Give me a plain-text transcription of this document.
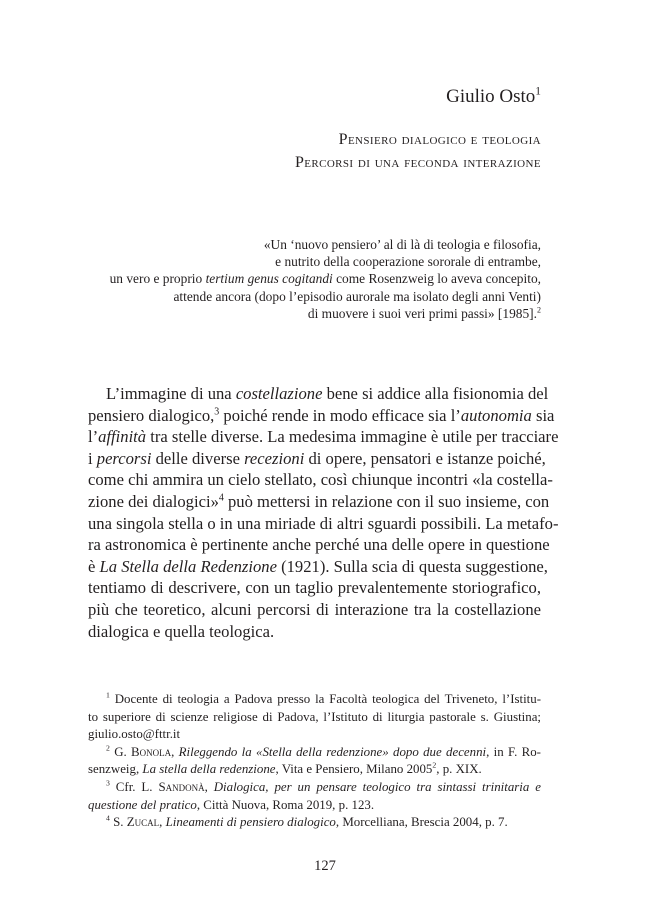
Giulio Osto$^1$
Pensiero dialogico e teologia
Percorsi di una feconda interazione
«Un ‘nuovo pensiero’ al di là di teologia e filosofia,
e nutrito della cooperazione sororale di entrambe,
un vero e proprio tertium genus cogitandi come Rosenzweig lo aveva concepito,
attende ancora (dopo l’episodio aurorale ma isolato degli anni Venti)
di muovere i suoi veri primi passi» [1985].$^2$
L’immagine di una costellazione bene si addice alla fisionomia del
pensiero dialogico,$^3$ poiché rende in modo efficace sia l’autonomia sia
l’affinità tra stelle diverse. La medesima immagine è utile per tracciare
i percorsi delle diverse recezioni di opere, pensatori e istanze poiché,
come chi ammira un cielo stellato, così chiunque incontri «la costella-
zione dei dialogici»$^4$ può mettersi in relazione con il suo insieme, con
una singola stella o in una miriade di altri sguardi possibili. La metafo-
ra astronomica è pertinente anche perché una delle opere in questione
è La Stella della Redenzione (1921). Sulla scia di questa suggestione,
tentiamo di descrivere, con un taglio prevalentemente storiografico,
più che teoretico, alcuni percorsi di interazione tra la costellazione
dialogica e quella teologica.
$^1$ Docente di teologia a Padova presso la Facoltà teologica del Triveneto, l’Istitu-
to superiore di scienze religiose di Padova, l’Istituto di liturgia pastorale s. Giustina;
giulio.osto@fttr.it
$^2$ G. Bonola, Rileggendo la «Stella della redenzione» dopo due decenni, in F. Ro-
senzweig, La stella della redenzione, Vita e Pensiero, Milano 2005$^2$, p. XIX.
$^3$ Cfr. L. Sandonà, Dialogica, per un pensare teologico tra sintassi trinitaria e
questione del pratico, Città Nuova, Roma 2019, p. 123.
$^4$ S. Zucal, Lineamenti di pensiero dialogico, Morcelliana, Brescia 2004, p. 7.
127
